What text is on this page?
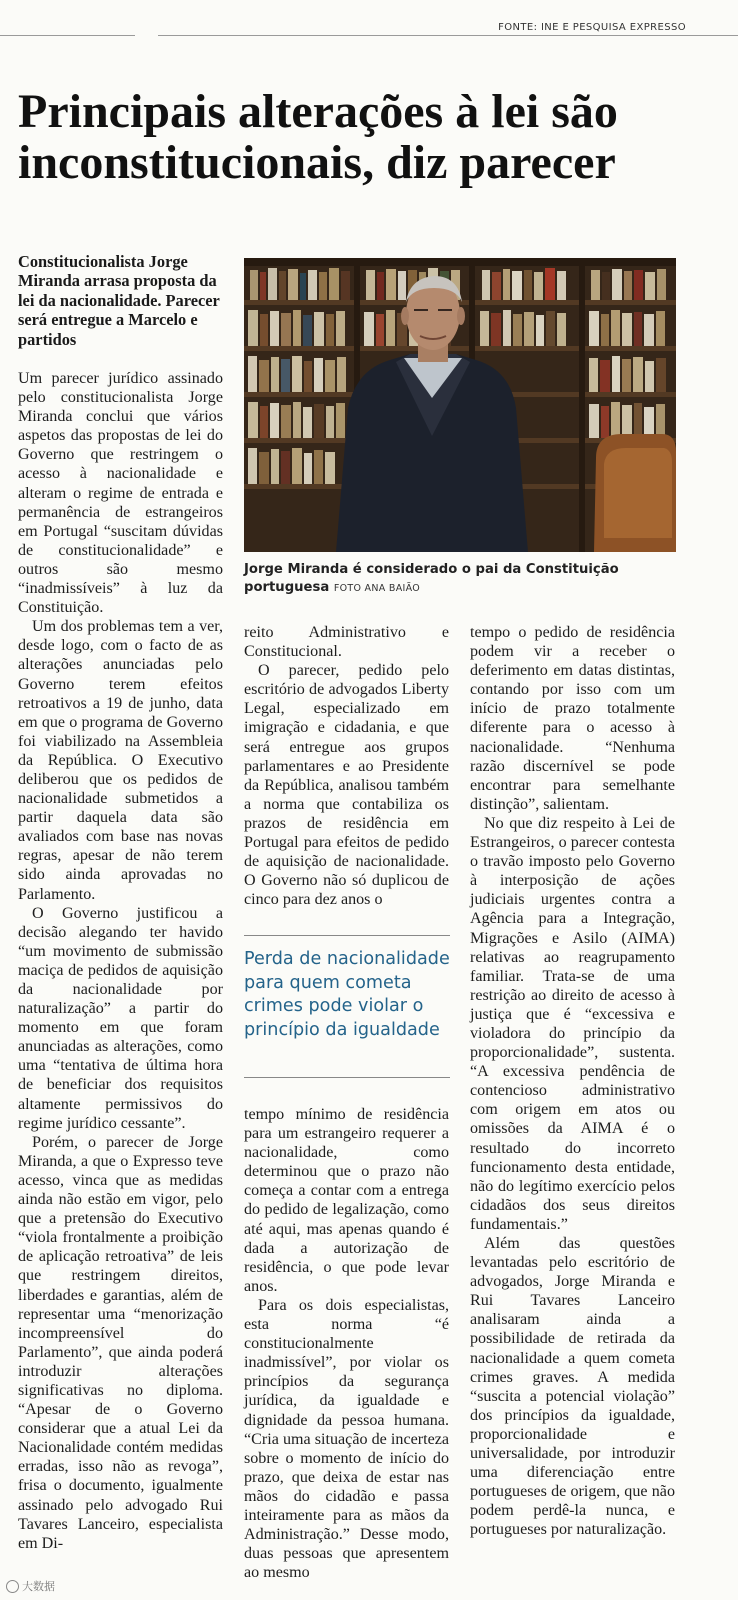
FONTE: INE E PESQUISA EXPRESSO
Principais alterações à lei são inconstitucionais, diz parecer

Constitucionalista Jorge Miranda arrasa proposta da lei da nacionalidade. Parecer será entregue a Marcelo e partidos

Um parecer jurídico assinado pelo constitucionalista Jorge Miranda conclui que vários aspetos das propostas de lei do Governo que restringem o acesso à nacionalidade e alteram o regime de entrada e permanência de estrangeiros em Portugal “suscitam dúvidas de constitucionalidade” e outros são mesmo “inadmissíveis” à luz da Constituição.

Um dos problemas tem a ver, desde logo, com o facto de as alterações anunciadas pelo Governo terem efeitos retroativos a 19 de junho, data em que o programa de Governo foi viabilizado na Assembleia da República. O Executivo deliberou que os pedidos de nacionalidade submetidos a partir daquela data são avaliados com base nas novas regras, apesar de não terem sido ainda aprovadas no Parlamento.

O Governo justificou a decisão alegando ter havido “um movimento de submissão maciça de pedidos de aquisição da nacionalidade por naturalização” a partir do momento em que foram anunciadas as alterações, como uma “tentativa de última hora de beneficiar dos requisitos altamente permissivos do regime jurídico cessante”.

Porém, o parecer de Jorge Miranda, a que o Expresso teve acesso, vinca que as medidas ainda não estão em vigor, pelo que a pretensão do Executivo “viola frontalmente a proibição de aplicação retroativa” de leis que restringem direitos, liberdades e garantias, além de representar uma “menorização incompreensível do Parlamento”, que ainda poderá introduzir alterações significativas no diploma. “Apesar de o Governo considerar que a atual Lei da Nacionalidade contém medidas erradas, isso não as revoga”, frisa o documento, igualmente assinado pelo advogado Rui Tavares Lanceiro, especialista em Di-

Jorge Miranda é considerado o pai da Constituição portuguesa FOTO ANA BAIÃO

reito Administrativo e Constitucional.

O parecer, pedido pelo escritório de advogados Liberty Legal, especializado em imigração e cidadania, e que será entregue aos grupos parlamentares e ao Presidente da República, analisou também a norma que contabiliza os prazos de residência em Portugal para efeitos de pedido de aquisição de nacionalidade. O Governo não só duplicou de cinco para dez anos o

Perda de nacionalidade para quem cometa crimes pode violar o princípio da igualdade

tempo mínimo de residência para um estrangeiro requerer a nacionalidade, como determinou que o prazo não começa a contar com a entrega do pedido de legalização, como até aqui, mas apenas quando é dada a autorização de residência, o que pode levar anos.

Para os dois especialistas, esta norma “é constitucionalmente inadmissível”, por violar os princípios da segurança jurídica, da igualdade e dignidade da pessoa humana. “Cria uma situação de incerteza sobre o momento de início do prazo, que deixa de estar nas mãos do cidadão e passa inteiramente para as mãos da Administração.” Desse modo, duas pessoas que apresentem ao mesmo

tempo o pedido de residência podem vir a receber o deferimento em datas distintas, contando por isso com um início de prazo totalmente diferente para o acesso à nacionalidade. “Nenhuma razão discernível se pode encontrar para semelhante distinção”, salientam.

No que diz respeito à Lei de Estrangeiros, o parecer contesta o travão imposto pelo Governo à interposição de ações judiciais urgentes contra a Agência para a Integração, Migrações e Asilo (AIMA) relativas ao reagrupamento familiar. Trata-se de uma restrição ao direito de acesso à justiça que é “excessiva e violadora do princípio da proporcionalidade”, sustenta. “A excessiva pendência de contencioso administrativo com origem em atos ou omissões da AIMA é o resultado do incorreto funcionamento desta entidade, não do legítimo exercício pelos cidadãos dos seus direitos fundamentais.”

Além das questões levantadas pelo escritório de advogados, Jorge Miranda e Rui Tavares Lanceiro analisaram ainda a possibilidade de retirada da nacionalidade a quem cometa crimes graves. A medida “suscita a potencial violação” dos princípios da igualdade, proporcionalidade e universalidade, por introduzir uma diferenciação entre portugueses de origem, que não podem perdê-la nunca, e portugueses por naturalização.

大数据
